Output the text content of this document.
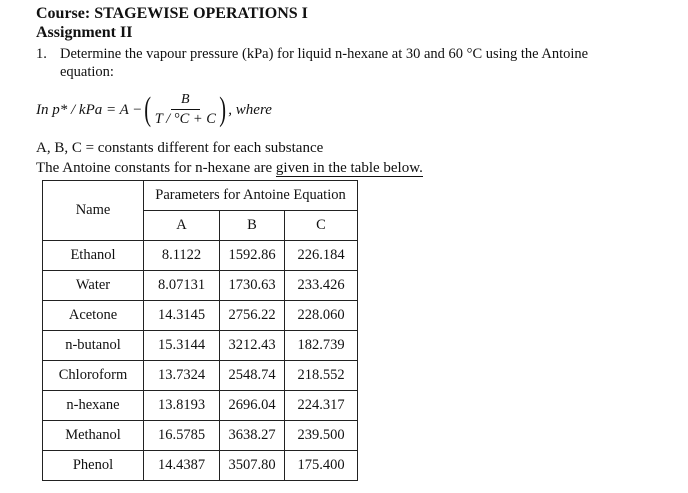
Course: STAGEWISE OPERATIONS I
Assignment II
1. Determine the vapour pressure (kPa) for liquid n-hexane at 30 and 60 °C using the Antoine
equation:
In p* / kPa = A − ( $\frac{B}{T / ^\circ C + C}$ ) , where
A, B, C = constants different for each substance
The Antoine constants for n-hexane are given in the table below.
Name	Parameters for Antoine Equation		
	A	B	C
Ethanol	8.1122	1592.86	226.184
Water	8.07131	1730.63	233.426
Acetone	14.3145	2756.22	228.060
n-butanol	15.3144	3212.43	182.739
Chloroform	13.7324	2548.74	218.552
n-hexane	13.8193	2696.04	224.317
Methanol	16.5785	3638.27	239.500
Phenol	14.4387	3507.80	175.400
